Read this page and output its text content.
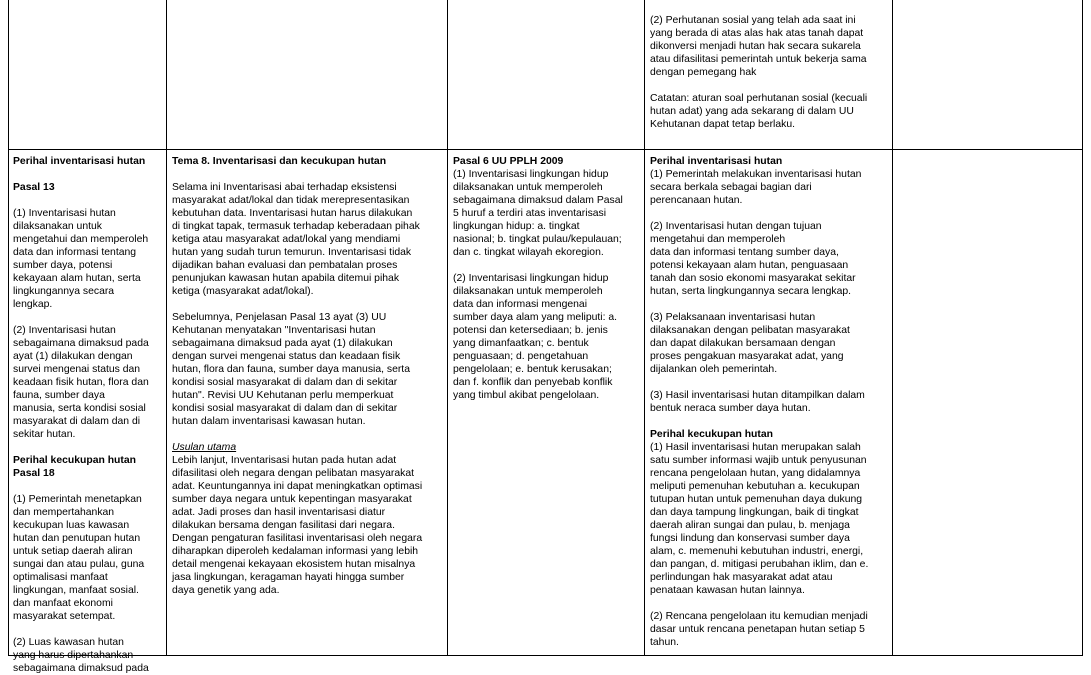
(2) Perhutanan sosial yang telah ada saat ini
yang berada di atas alas hak atas tanah dapat
dikonversi menjadi hutan hak secara sukarela
atau difasilitasi pemerintah untuk bekerja sama
dengan pemegang hak
Catatan: aturan soal perhutanan sosial (kecuali
hutan adat) yang ada sekarang di dalam UU
Kehutanan dapat tetap berlaku.
Perihal inventarisasi hutan
Pasal 13
(1) Inventarisasi hutan
dilaksanakan untuk
mengetahui dan memperoleh
data dan informasi tentang
sumber daya, potensi
kekayaan alam hutan, serta
lingkungannya secara
lengkap.
(2) Inventarisasi hutan
sebagaimana dimaksud pada
ayat (1) dilakukan dengan
survei mengenai status dan
keadaan fisik hutan, flora dan
fauna, sumber daya
manusia, serta kondisi sosial
masyarakat di dalam dan di
sekitar hutan.
Perihal kecukupan hutan
Pasal 18
(1) Pemerintah menetapkan
dan mempertahankan
kecukupan luas kawasan
hutan dan penutupan hutan
untuk setiap daerah aliran
sungai dan atau pulau, guna
optimalisasi manfaat
lingkungan, manfaat sosial.
dan manfaat ekonomi
masyarakat setempat.
(2) Luas kawasan hutan
yang harus dipertahankan
sebagaimana dimaksud pada
Tema 8. Inventarisasi dan kecukupan hutan
Selama ini Inventarisasi abai terhadap eksistensi
masyarakat adat/lokal dan tidak merepresentasikan
kebutuhan data. Inventarisasi hutan harus dilakukan
di tingkat tapak, termasuk terhadap keberadaan pihak
ketiga atau masyarakat adat/lokal yang mendiami
hutan yang sudah turun temurun. Inventarisasi tidak
dijadikan bahan evaluasi dan pembatalan proses
penunjukan kawasan hutan apabila ditemui pihak
ketiga (masyarakat adat/lokal).
Sebelumnya, Penjelasan Pasal 13 ayat (3) UU
Kehutanan menyatakan "Inventarisasi hutan
sebagaimana dimaksud pada ayat (1) dilakukan
dengan survei mengenai status dan keadaan fisik
hutan, flora dan fauna, sumber daya manusia, serta
kondisi sosial masyarakat di dalam dan di sekitar
hutan". Revisi UU Kehutanan perlu memperkuat
kondisi sosial masyarakat di dalam dan di sekitar
hutan dalam inventarisasi kawasan hutan.
Usulan utama
Lebih lanjut, Inventarisasi hutan pada hutan adat
difasilitasi oleh negara dengan pelibatan masyarakat
adat. Keuntungannya ini dapat meningkatkan optimasi
sumber daya negara untuk kepentingan masyarakat
adat. Jadi proses dan hasil inventarisasi diatur
dilakukan bersama dengan fasilitasi dari negara.
Dengan pengaturan fasilitasi inventarisasi oleh negara
diharapkan diperoleh kedalaman informasi yang lebih
detail mengenai kekayaan ekosistem hutan misalnya
jasa lingkungan, keragaman hayati hingga sumber
daya genetik yang ada.
Pasal 6 UU PPLH 2009
(1) Inventarisasi lingkungan hidup
dilaksanakan untuk memperoleh
sebagaimana dimaksud dalam Pasal
5 huruf a terdiri atas inventarisasi
lingkungan hidup: a. tingkat
nasional; b. tingkat pulau/kepulauan;
dan c. tingkat wilayah ekoregion.
(2) Inventarisasi lingkungan hidup
dilaksanakan untuk memperoleh
data dan informasi mengenai
sumber daya alam yang meliputi: a.
potensi dan ketersediaan; b. jenis
yang dimanfaatkan; c. bentuk
penguasaan; d. pengetahuan
pengelolaan; e. bentuk kerusakan;
dan f. konflik dan penyebab konflik
yang timbul akibat pengelolaan.
Perihal inventarisasi hutan
(1) Pemerintah melakukan inventarisasi hutan
secara berkala sebagai bagian dari
perencanaan hutan.
(2) Inventarisasi hutan dengan tujuan
mengetahui dan memperoleh
data dan informasi tentang sumber daya,
potensi kekayaan alam hutan, penguasaan
tanah dan sosio ekonomi masyarakat sekitar
hutan, serta lingkungannya secara lengkap.
(3) Pelaksanaan inventarisasi hutan
dilaksanakan dengan pelibatan masyarakat
dan dapat dilakukan bersamaan dengan
proses pengakuan masyarakat adat, yang
dijalankan oleh pemerintah.
(3) Hasil inventarisasi hutan ditampilkan dalam
bentuk neraca sumber daya hutan.
Perihal kecukupan hutan
(1) Hasil inventarisasi hutan merupakan salah
satu sumber informasi wajib untuk penyusunan
rencana pengelolaan hutan, yang didalamnya
meliputi pemenuhan kebutuhan a. kecukupan
tutupan hutan untuk pemenuhan daya dukung
dan daya tampung lingkungan, baik di tingkat
daerah aliran sungai dan pulau, b. menjaga
fungsi lindung dan konservasi sumber daya
alam, c. memenuhi kebutuhan industri, energi,
dan pangan, d. mitigasi perubahan iklim, dan e.
perlindungan hak masyarakat adat atau
penataan kawasan hutan lainnya.
(2) Rencana pengelolaan itu kemudian menjadi
dasar untuk rencana penetapan hutan setiap 5
tahun.
